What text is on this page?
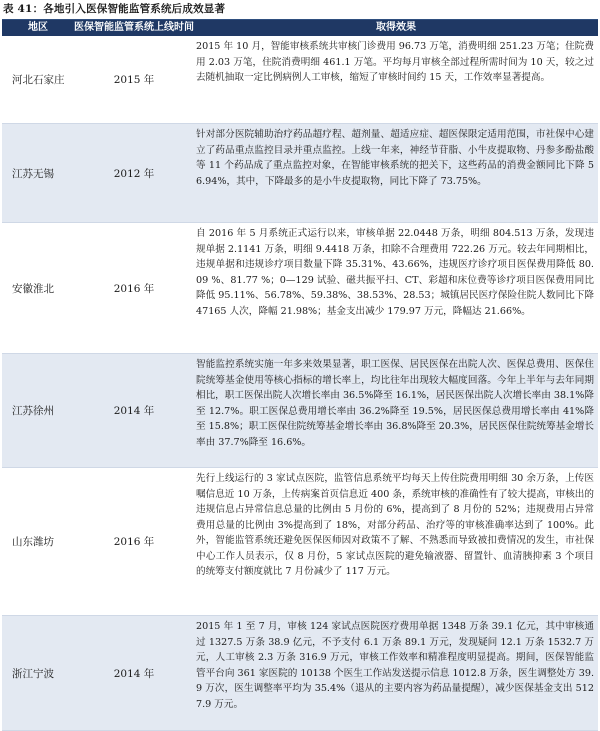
表 41：各地引入医保智能监管系统后成效显著
地区	医保智能监管系统上线时间	取得效果
河北石家庄	2015 年
2015 年 10 月，智能审核系统共审核门诊费用 96.73 万笔，消费明细 251.23 万笔；住院费用 2.03 万笔，住院消费明细 461.1 万笔。平均每月审核全部过程所需时间为 10 天，较之过去随机抽取一定比例病例人工审核，缩短了审核时间约 15 天，工作效率显著提高。
江苏无锡	2012 年
针对部分医院辅助治疗药品超疗程、超剂量、超适应症、超医保限定适用范围，市社保中心建立了药品重点监控目录并重点监控。上线一年来，神经节苷脂、小牛皮提取物、丹参多酚盐酸等 11 个药品成了重点监控对象，在智能审核系统的把关下，这些药品的消费金额同比下降 56.94%，其中，下降最多的是小牛皮提取物，同比下降了 73.75%。
安徽淮北	2016 年
自 2016 年 5 月系统正式运行以来，审核单据 22.0448 万条，明细 804.513 万条，发现违规单据 2.1141 万条，明细 9.4418 万条，扣除不合理费用 722.26 万元。较去年同期相比，违规单据和违规诊疗项目数量下降 35.31%、43.66%，违规医疗诊疗项目医保费用降低 80.09 %、81.77 %；0—129 试验、磁共振平扫、CT、彩超和床位费等诊疗项目医保费用同比降低 95.11%、56.78%、59.38%、38.53%、28.53；城镇居民医疗保险住院人数同比下降 47165 人次，降幅 21.98%；基金支出减少 179.97 万元，降幅达 21.66%。
江苏徐州	2014 年
智能监控系统实施一年多来效果显著，职工医保、居民医保在出院人次、医保总费用、医保住院统筹基金使用等核心指标的增长率上，均比往年出现较大幅度回落。今年上半年与去年同期相比，职工医保出院人次增长率由 36.5%降至 16.1%，居民医保出院人次增长率由 38.1%降至 12.7%。职工医保总费用增长率由 36.2%降至 19.5%，居民医保总费用增长率由 41%降至 15.8%；职工医保住院统筹基金增长率由 36.8%降至 20.3%，居民医保住院统筹基金增长率由 37.7%降至 16.6%。
山东潍坊	2016 年
先行上线运行的 3 家试点医院，监管信息系统平均每天上传住院费用明细 30 余万条，上传医嘱信息近 10 万条，上传病案首页信息近 400 条，系统审核的准确性有了较大提高，审核出的违规信息占异常信息总量的比例由 5 月份的 6%，提高到了 8 月份的 52%；违规费用占异常费用总量的比例由 3%提高到了 18%，对部分药品、治疗等的审核准确率达到了 100%。此外，智能监管系统还避免医保医师因对政策不了解、不熟悉而导致被扣费情况的发生，市社保中心工作人员表示，仅 8 月份，5 家试点医院的避免输液器、留置针、血清胰抑素 3 个项目的统筹支付额度就比 7 月份减少了 117 万元。
浙江宁波	2014 年
2015 年 1 至 7 月，审核 124 家试点医院医疗费用单据 1348 万条 39.1 亿元，其中审核通过 1327.5 万条 38.9 亿元，不予支付 6.1 万条 89.1 万元，发现疑问 12.1 万条 1532.7 万元，人工审核 2.3 万条 316.9 万元，审核工作效率和精准程度明显提高。期间，医保智能监管平台向 361 家医院的 10138 个医生工作站发送提示信息 1012.8 万条，医生调整处方 39.9 万次，医生调整率平均为 35.4%（退从的主要内容为药品量提醒），减少医保基金支出 5127.9 万元。
